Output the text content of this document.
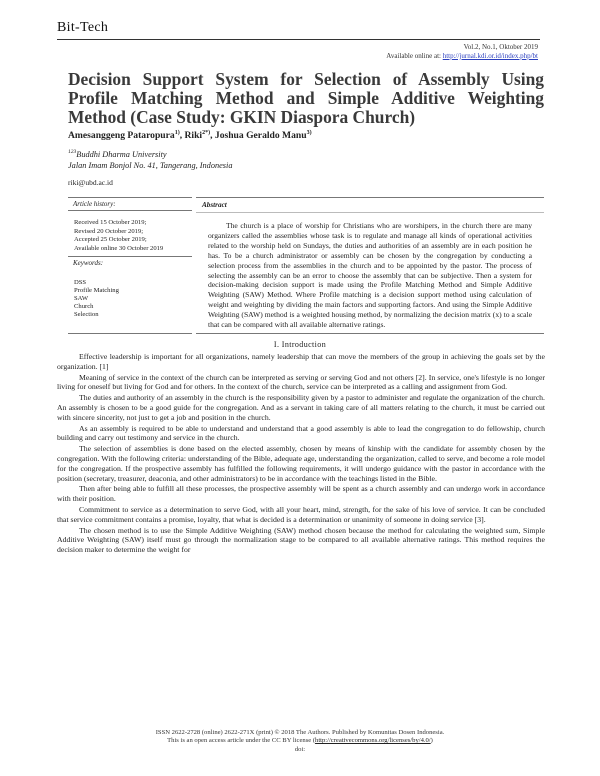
Bit-Tech
Vol.2, No.1, Oktober 2019
Available online at: http://jurnal.kdi.or.id/index.php/bt
Decision Support System for Selection of Assembly Using Profile Matching Method and Simple Additive Weighting Method (Case Study: GKIN Diaspora Church)
Amesanggeng Pataropura$^{1)}$, Riki$^{2*)}$, Joshua Geraldo Manu$^{3)}$
$^{123}$Buddhi Dharma University
Jalan Imam Bonjol No. 41, Tangerang, Indonesia
riki@ubd.ac.id
Article history:
Received 15 October 2019;
Revised 20 October 2019;
Accepted 25 October 2019;
Available online 30 October 2019
Keywords:
DSS
Profile Matching
SAW
Church
Selection
Abstract

The church is a place of worship for Christians who are worshipers, in the church there are many organizers called the assemblies whose task is to regulate and manage all kinds of operational activities related to the worship held on Sundays, the duties and authorities of an assembly are in each position he has. To be a church administrator or assembly can be chosen by the congregation by conducting a selection process from the assemblies in the church and to be appointed by the pastor. The process of selecting the assembly can be an error to choose the assembly that can be subjective. Then a system for decision-making decision support is made using the Profile Matching Method and Simple Additive Weighting (SAW) Method. Where Profile matching is a decision support method using calculation of weight and weighting by dividing the main factors and supporting factors. And using the Simple Additive Weighting (SAW) method is a weighted housing method, by normalizing the decision matrix (x) to a scale that can be compared with all available alternative ratings.

I. Introduction

Effective leadership is important for all organizations, namely leadership that can move the members of the group in achieving the goals set by the organization. [1]

Meaning of service in the context of the church can be interpreted as serving or serving God and not others [2]. In service, one's lifestyle is no longer living for oneself but living for God and for others. In the context of the church, service can be interpreted as a calling and assignment from God.

The duties and authority of an assembly in the church is the responsibility given by a pastor to administer and regulate the organization of the church. An assembly is chosen to be a good guide for the congregation. And as a servant in taking care of all matters relating to the church, it must be carried out with sincere sincerity, not just to get a job and position in the church.

As an assembly is required to be able to understand and understand that a good assembly is able to lead the congregation to do fellowship, church building and carry out testimony and service in the church.

The selection of assemblies is done based on the elected assembly, chosen by means of kinship with the candidate for assembly chosen by the congregation. With the following criteria: understanding of the Bible, adequate age, understanding the organization, called to serve, and become a role model for the congregation. If the prospective assembly has fulfilled the following requirements, it will undergo guidance with the pastor in accordance with the position (secretary, treasurer, deaconia, and other administrators) to be in accordance with the teachings listed in the Bible.

Then after being able to fulfill all these processes, the prospective assembly will be spent as a church assembly and can undergo work in accordance with their position.

Commitment to service as a determination to serve God, with all your heart, mind, strength, for the sake of his love of service. It can be concluded that service commitment contains a promise, loyalty, that what is decided is a determination or unanimity of someone in doing service [3].

The chosen method is to use the Simple Additive Weighting (SAW) method chosen because the method for calculating the weighted sum, Simple Additive Weighting (SAW) itself must go through the normalization stage to be compared to all available alternative ratings. This method requires the decision maker to determine the weight for

ISSN 2622-2728 (online) 2622-271X (print) © 2018 The Authors. Published by Komunitas Dosen Indonesia.
This is an open access article under the CC BY license (http://creativecommons.org/licenses/by/4.0/)
doi:
